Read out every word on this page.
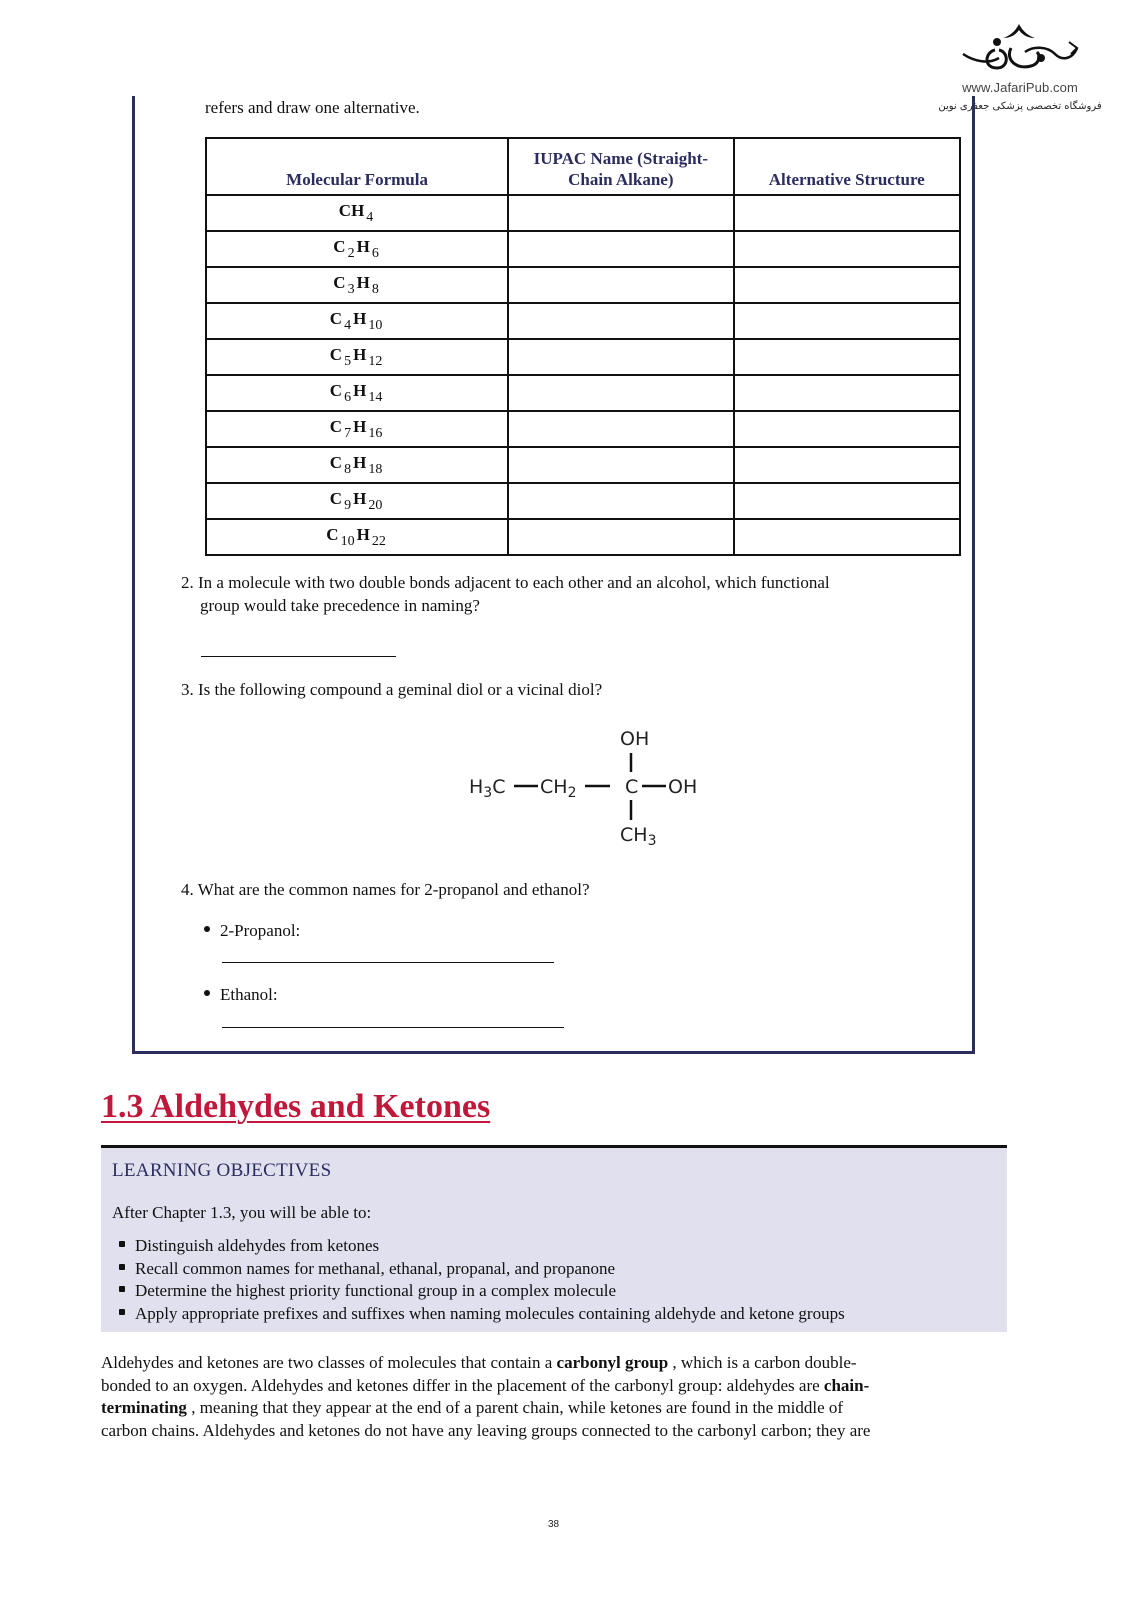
www.JafariPub.com
فروشگاه تخصصی پزشکی جعفری نوین
refers and draw one alternative.
Molecular Formula	IUPAC Name (Straight-Chain Alkane)	Alternative Structure
CH $_4$		
C $_2$ H $_6$		
C $_3$ H $_8$		
C $_4$ H $_{10}$		
C $_5$ H $_{12}$		
C $_6$ H $_{14}$		
C $_7$ H $_{16}$		
C $_8$ H $_{18}$		
C $_9$ H $_{20}$		
C $_{10}$ H $_{22}$		
2. In a molecule with two double bonds adjacent to each other and an alcohol, which functional
group would take precedence in naming?
3. Is the following compound a geminal diol or a vicinal diol?
OH
$H_3C$ $CH_2$	C OH
$CH_3$
4. What are the common names for 2-propanol and ethanol?
2-Propanol:
Ethanol:
1.3 Aldehydes and Ketones
LEARNING OBJECTIVES
After Chapter 1.3, you will be able to:
Distinguish aldehydes from ketones
Recall common names for methanal, ethanal, propanal, and propanone
Determine the highest priority functional group in a complex molecule
Apply appropriate prefixes and suffixes when naming molecules containing aldehyde and ketone groups
Aldehydes and ketones are two classes of molecules that contain a carbonyl group , which is a carbon double-
bonded to an oxygen. Aldehydes and ketones differ in the placement of the carbonyl group: aldehydes are chain-
terminating , meaning that they appear at the end of a parent chain, while ketones are found in the middle of
carbon chains. Aldehydes and ketones do not have any leaving groups connected to the carbonyl carbon; they are
38
